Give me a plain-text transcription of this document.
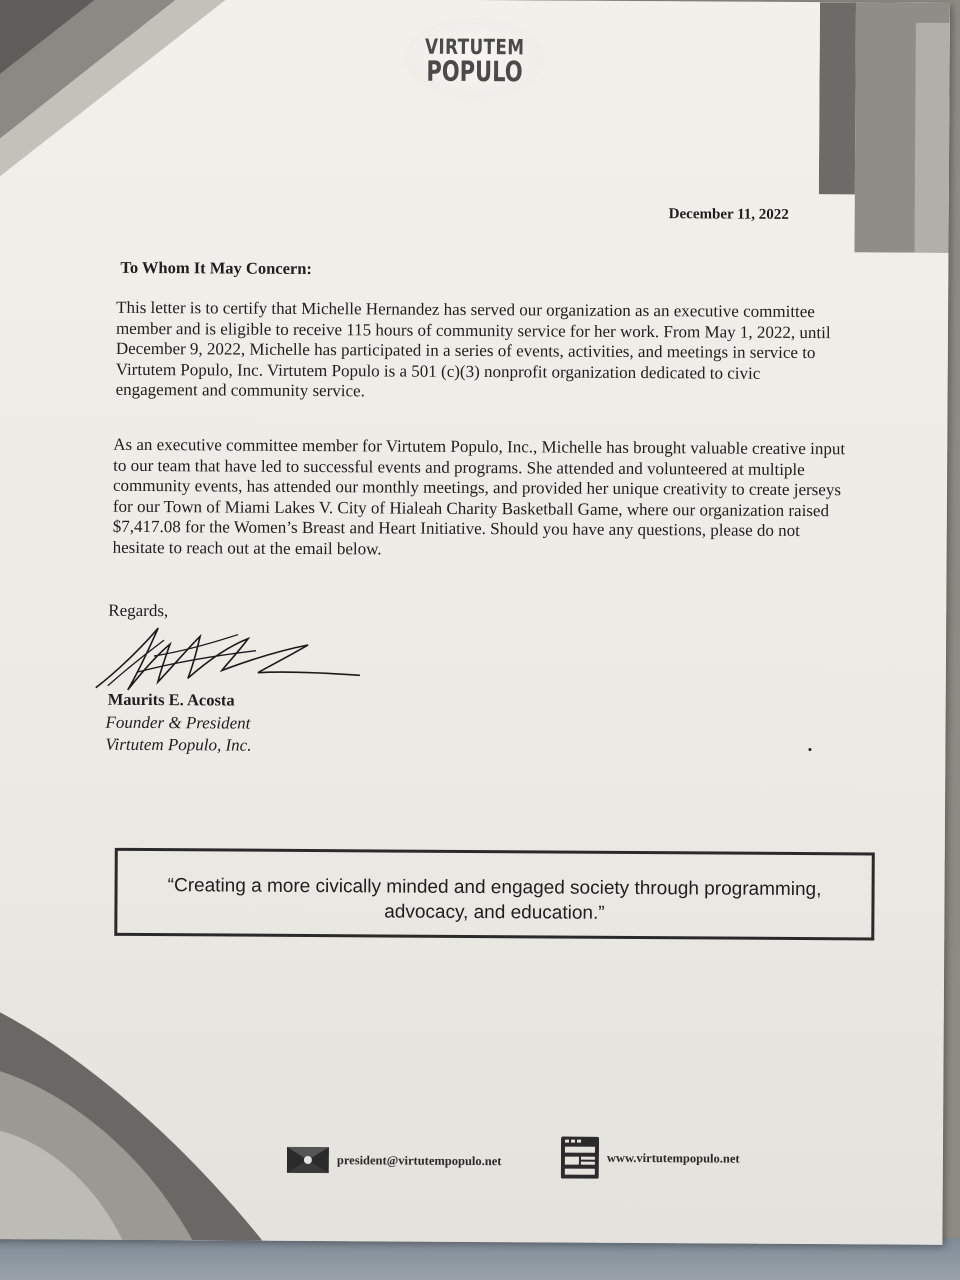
VIRTUTEM
POPULO
December 11, 2022
To Whom It May Concern:
This letter is to certify that Michelle Hernandez has served our organization as an executive committee member and is eligible to receive 115 hours of community service for her work. From May 1, 2022, until December 9, 2022, Michelle has participated in a series of events, activities, and meetings in service to Virtutem Populo, Inc. Virtutem Populo is a 501 (c)(3) nonprofit organization dedicated to civic engagement and community service.
As an executive committee member for Virtutem Populo, Inc., Michelle has brought valuable creative input to our team that have led to successful events and programs. She attended and volunteered at multiple community events, has attended our monthly meetings, and provided her unique creativity to create jerseys for our Town of Miami Lakes V. City of Hialeah Charity Basketball Game, where our organization raised $7,417.08 for the Women’s Breast and Heart Initiative. Should you have any questions, please do not hesitate to reach out at the email below.
Regards,
Maurits E. Acosta
Founder & President
Virtutem Populo, Inc.
“Creating a more civically minded and engaged society through programming,
advocacy, and education.”
president@virtutempopulo.net	www.virtutempopulo.net
